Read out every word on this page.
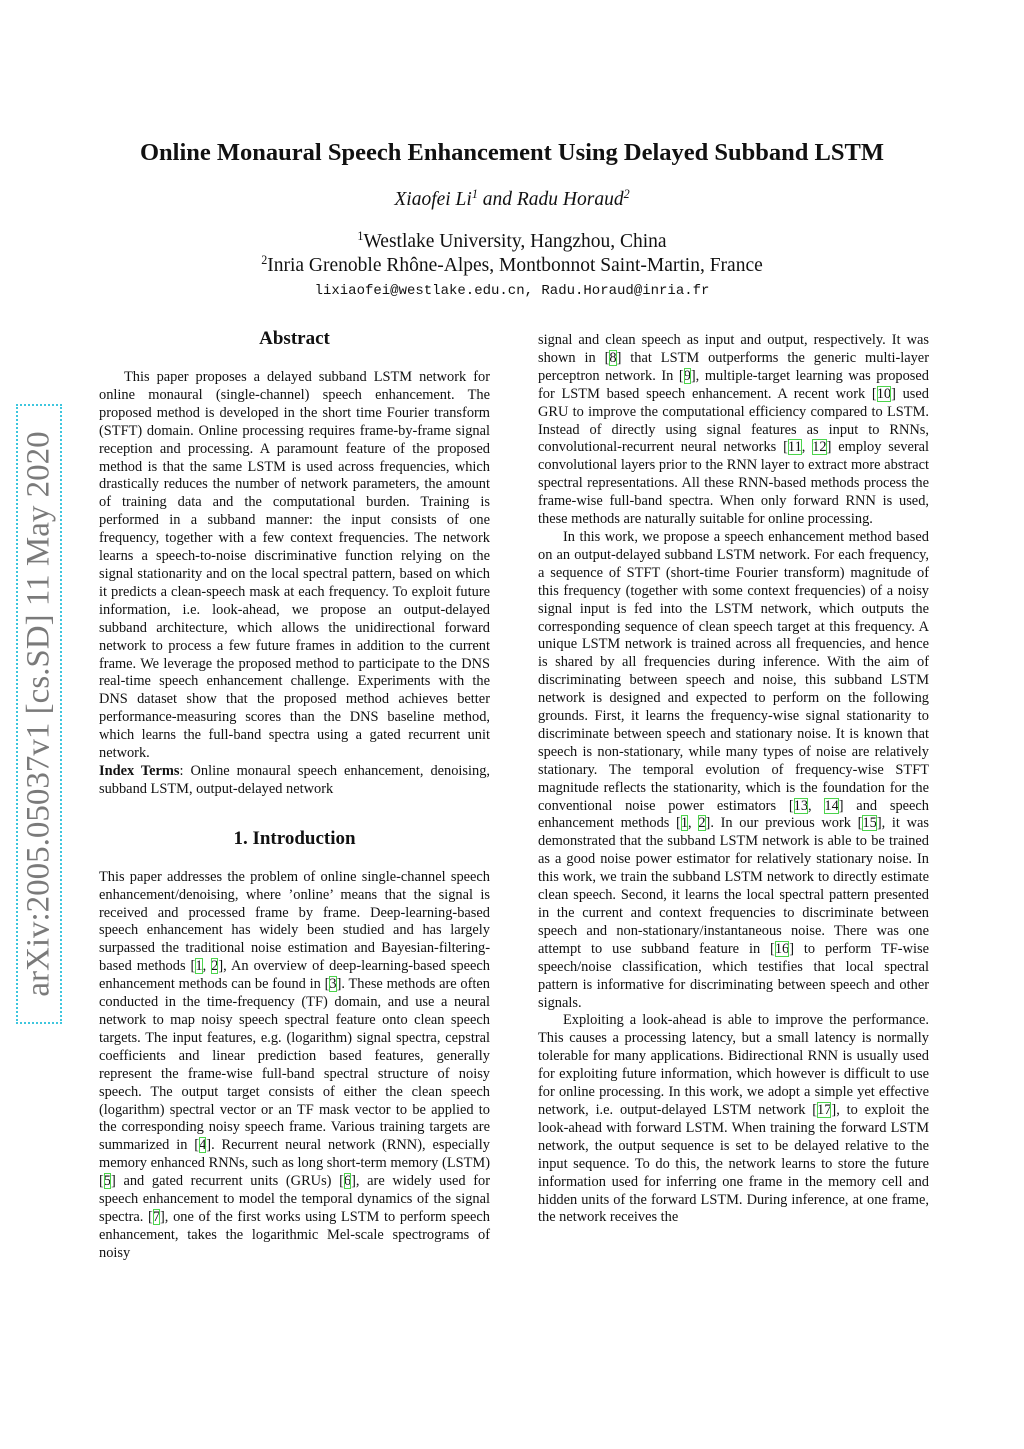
arXiv:2005.05037v1 [cs.SD] 11 May 2020
Online Monaural Speech Enhancement Using Delayed Subband LSTM
Xiaofei Li$^1$ and Radu Horaud$^2$
$^1$Westlake University, Hangzhou, China
$^2$Inria Grenoble Rhône-Alpes, Montbonnot Saint-Martin, France
lixiaofei@westlake.edu.cn, Radu.Horaud@inria.fr
Abstract

This paper proposes a delayed subband LSTM network for online monaural (single-channel) speech enhancement. The proposed method is developed in the short time Fourier transform (STFT) domain. Online processing requires frame-by-frame signal reception and processing. A paramount feature of the proposed method is that the same LSTM is used across frequencies, which drastically reduces the number of network parameters, the amount of training data and the computational burden. Training is performed in a subband manner: the input consists of one frequency, together with a few context frequencies. The network learns a speech-to-noise discriminative function relying on the signal stationarity and on the local spectral pattern, based on which it predicts a clean-speech mask at each frequency. To exploit future information, i.e. look-ahead, we propose an output-delayed subband architecture, which allows the unidirectional forward network to process a few future frames in addition to the current frame. We leverage the proposed method to participate to the DNS real-time speech enhancement challenge. Experiments with the DNS dataset show that the proposed method achieves better performance-measuring scores than the DNS baseline method, which learns the full-band spectra using a gated recurrent unit network.

Index Terms: Online monaural speech enhancement, denoising, subband LSTM, output-delayed network

1. Introduction

This paper addresses the problem of online single-channel speech enhancement/denoising, where ’online’ means that the signal is received and processed frame by frame. Deep-learning-based speech enhancement has widely been studied and has largely surpassed the traditional noise estimation and Bayesian-filtering-based methods [1, 2], An overview of deep-learning-based speech enhancement methods can be found in [3]. These methods are often conducted in the time-frequency (TF) domain, and use a neural network to map noisy speech spectral feature onto clean speech targets. The input features, e.g. (logarithm) signal spectra, cepstral coefficients and linear prediction based features, generally represent the frame-wise full-band spectral structure of noisy speech. The output target consists of either the clean speech (logarithm) spectral vector or an TF mask vector to be applied to the corresponding noisy speech frame. Various training targets are summarized in [4]. Recurrent neural network (RNN), especially memory enhanced RNNs, such as long short-term memory (LSTM) [5] and gated recurrent units (GRUs) [6], are widely used for speech enhancement to model the temporal dynamics of the signal spectra. [7], one of the first works using LSTM to perform speech enhancement, takes the logarithmic Mel-scale spectrograms of noisy

signal and clean speech as input and output, respectively. It was shown in [8] that LSTM outperforms the generic multi-layer perceptron network. In [9], multiple-target learning was proposed for LSTM based speech enhancement. A recent work [10] used GRU to improve the computational efficiency compared to LSTM. Instead of directly using signal features as input to RNNs, convolutional-recurrent neural networks [11, 12] employ several convolutional layers prior to the RNN layer to extract more abstract spectral representations. All these RNN-based methods process the frame-wise full-band spectra. When only forward RNN is used, these methods are naturally suitable for online processing.

In this work, we propose a speech enhancement method based on an output-delayed subband LSTM network. For each frequency, a sequence of STFT (short-time Fourier transform) magnitude of this frequency (together with some context frequencies) of a noisy signal input is fed into the LSTM network, which outputs the corresponding sequence of clean speech target at this frequency. A unique LSTM network is trained across all frequencies, and hence is shared by all frequencies during inference. With the aim of discriminating between speech and noise, this subband LSTM network is designed and expected to perform on the following grounds. First, it learns the frequency-wise signal stationarity to discriminate between speech and stationary noise. It is known that speech is non-stationary, while many types of noise are relatively stationary. The temporal evolution of frequency-wise STFT magnitude reflects the stationarity, which is the foundation for the conventional noise power estimators [13, 14] and speech enhancement methods [1, 2]. In our previous work [15], it was demonstrated that the subband LSTM network is able to be trained as a good noise power estimator for relatively stationary noise. In this work, we train the subband LSTM network to directly estimate clean speech. Second, it learns the local spectral pattern presented in the current and context frequencies to discriminate between speech and non-stationary/instantaneous noise. There was one attempt to use subband feature in [16] to perform TF-wise speech/noise classification, which testifies that local spectral pattern is informative for discriminating between speech and other signals.

Exploiting a look-ahead is able to improve the performance. This causes a processing latency, but a small latency is normally tolerable for many applications. Bidirectional RNN is usually used for exploiting future information, which however is difficult to use for online processing. In this work, we adopt a simple yet effective network, i.e. output-delayed LSTM network [17], to exploit the look-ahead with forward LSTM. When training the forward LSTM network, the output sequence is set to be delayed relative to the input sequence. To do this, the network learns to store the future information used for inferring one frame in the memory cell and hidden units of the forward LSTM. During inference, at one frame, the network receives the
